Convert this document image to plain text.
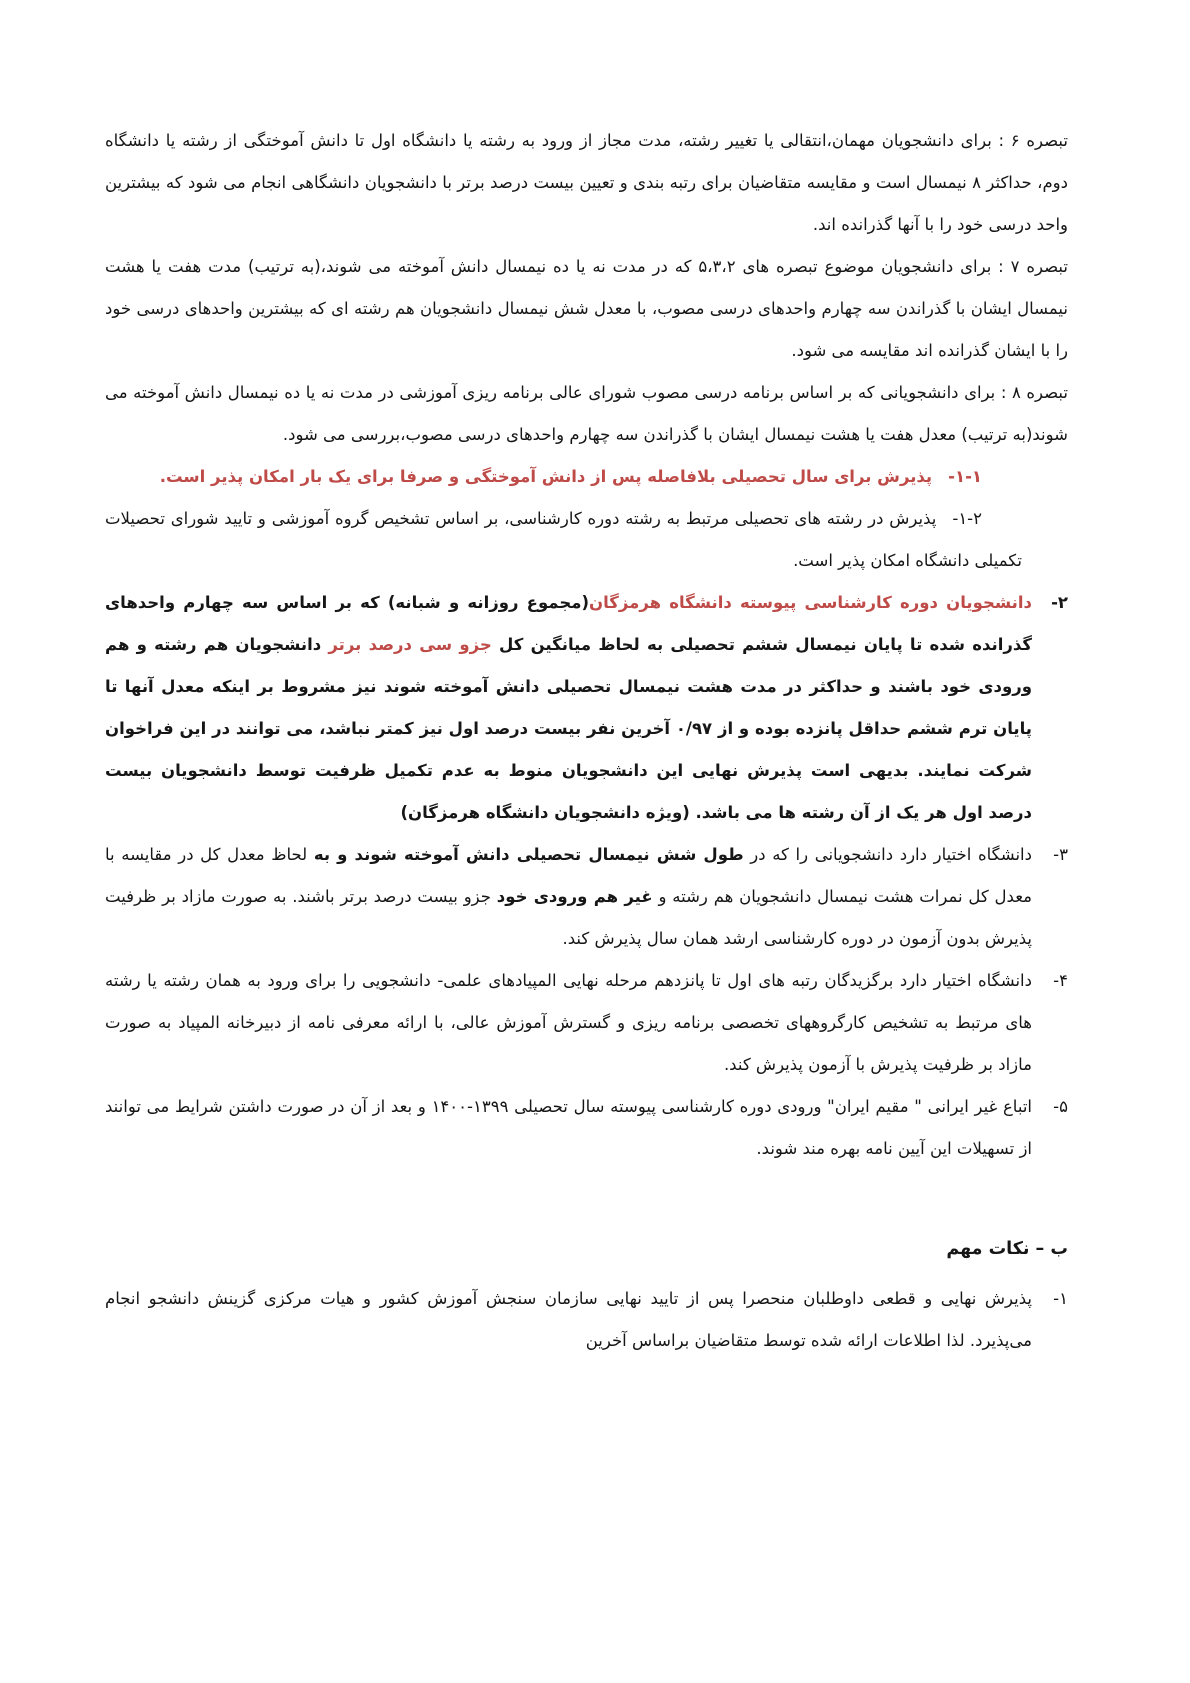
تبصره ۶ : برای دانشجویان مهمان،انتقالی یا تغییر رشته، مدت مجاز از ورود به رشته یا دانشگاه اول تا دانش آموختگی از رشته یا دانشگاه دوم، حداکثر ۸ نیمسال است و مقایسه متقاضیان برای رتبه بندی و تعیین بیست درصد برتر با دانشجویان دانشگاهی انجام می شود که بیشترین واحد درسی خود را با آنها گذرانده اند.
تبصره ۷ : برای دانشجویان موضوع تبصره های ۵،۳،۲ که در مدت نه یا ده نیمسال دانش آموخته می شوند،(به ترتیب) مدت هفت یا هشت نیمسال ایشان با گذراندن سه چهارم واحدهای درسی مصوب، با معدل شش نیمسال دانشجویان هم رشته ای که بیشترین واحدهای درسی خود را با ایشان گذرانده اند مقایسه می شود.
تبصره ۸ : برای دانشجویانی که بر اساس برنامه درسی مصوب شورای عالی برنامه ریزی آموزشی در مدت نه یا ده نیمسال دانش آموخته می شوند(به ترتیب) معدل هفت یا هشت نیمسال ایشان با گذراندن سه چهارم واحدهای درسی مصوب،بررسی می شود.
۱-۱-پذیرش برای سال تحصیلی بلافاصله پس از دانش آموختگی و صرفا برای یک بار امکان پذیر است.
۱-۲-پذیرش در رشته های تحصیلی مرتبط به رشته دوره کارشناسی، بر اساس تشخیص گروه آموزشی و تایید شورای تحصیلات تکمیلی دانشگاه امکان پذیر است.
۲-
دانشجویان دوره کارشناسی پیوسته دانشگاه هرمزگان(مجموع روزانه و شبانه) که بر اساس سه چهارم واحدهای گذرانده شده تا پایان نیمسال ششم تحصیلی به لحاظ میانگین کل جزو سی درصد برتر دانشجویان هم رشته و هم ورودی خود باشند و حداکثر در مدت هشت نیمسال تحصیلی دانش آموخته شوند نیز مشروط بر اینکه معدل آنها تا پایان ترم ششم حداقل پانزده بوده و از ۰/۹۷ آخرین نفر بیست درصد اول نیز کمتر نباشد، می توانند در این فراخوان شرکت نمایند. بدیهی است پذیرش نهایی این دانشجویان منوط به عدم تکمیل ظرفیت توسط دانشجویان بیست درصد اول هر یک از آن رشته ها می باشد. (ویژه دانشجویان دانشگاه هرمزگان)
۳-
دانشگاه اختیار دارد دانشجویانی را که در طول شش نیمسال تحصیلی دانش آموخته شوند و به لحاظ معدل کل در مقایسه با معدل کل نمرات هشت نیمسال دانشجویان هم رشته و غیر هم ورودی خود جزو بیست درصد برتر باشند. به صورت مازاد بر ظرفیت پذیرش بدون آزمون در دوره کارشناسی ارشد همان سال پذیرش کند.
۴-
دانشگاه اختیار دارد برگزیدگان رتبه های اول تا پانزدهم مرحله نهایی المپیادهای علمی- دانشجویی را برای ورود به همان رشته یا رشته های مرتبط به تشخیص کارگروههای تخصصی برنامه ریزی و گسترش آموزش عالی، با ارائه معرفی نامه از دبیرخانه المپیاد به صورت مازاد بر ظرفیت پذیرش با آزمون پذیرش کند.
۵-
اتباع غیر ایرانی " مقیم ایران" ورودی دوره کارشناسی پیوسته سال تحصیلی ۱۳۹۹-۱۴۰۰ و بعد از آن در صورت داشتن شرایط می توانند از تسهیلات این آیین نامه بهره مند شوند.
ب – نکات مهم
۱-
پذیرش نهایی و قطعی داوطلبان منحصرا پس از تایید نهایی سازمان سنجش آموزش کشور و هیات مرکزی گزینش دانشجو انجام می‌پذیرد. لذا اطلاعات ارائه شده توسط متقاضیان براساس آخرین
